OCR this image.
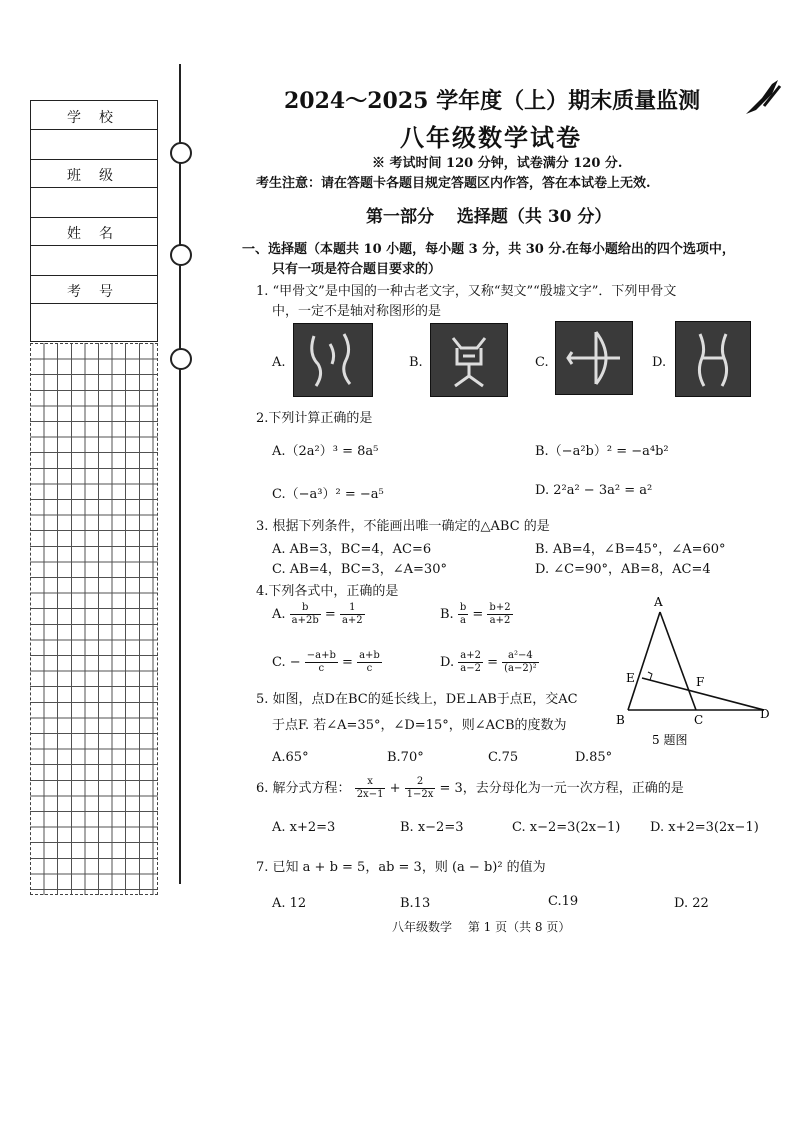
学　校
班　级
姓　名
考　号
2024～2025 学年度（上）期末质量监测
八年级数学试卷
※ 考试时间 120 分钟，试卷满分 120 分.
考生注意：请在答题卡各题目规定答题区内作答，答在本试卷上无效.
第一部分　 选择题（共 30 分）
一、选择题（本题共 10 小题，每小题 3 分，共 30 分.在每小题给出的四个选项中，
只有一项是符合题目要求的）
1. “甲骨文”是中国的一种古老文字，又称“契文”“殷墟文字”．下列甲骨文
中，一定不是轴对称图形的是
A.	B.	C.	D.
2.下列计算正确的是
A.（2a²）³ = 8a⁵	B.（−a²b）² = −a⁴b²
C.（−a³）² = −a⁵	D. 2²a² − 3a² = a²
3. 根据下列条件，不能画出唯一确定的△ABC 的是
A. AB=3，BC=4，AC=6	B. AB=4，∠B=45°，∠A=60°
C. AB=4，BC=3，∠A=30°	D. ∠C=90°，AB=8，AC=4
4.下列各式中，正确的是
A. $\frac{b}{a+2b} = \frac{1}{a+2}$	B. $\frac{b}{a} = \frac{b+2}{a+2}$
C. − $\frac{-a+b}{c} = \frac{a+b}{c}$	D. $\frac{a+2}{a-2} = \frac{\text{a²−4}}{\text{(a−2)²}}$
A
B	C	D
E	F
5 题图
5. 如图，点D在BC的延长线上，DE⊥AB于点E，交AC
于点F. 若∠A=35°，∠D=15°，则∠ACB的度数为
A.65°	B.70°	C.75	D.85°
6. 解分式方程： $\frac{x}{2x-1} + \frac{2}{1-2x} = 3$，去分母化为一元一次方程，正确的是
A. x+2=3	B. x−2=3	C. x−2=3(2x−1) D. x+2=3(2x−1)
7. 已知 a + b = 5，ab = 3，则 (a − b)² 的值为
A. 12	B.13	C.19	D. 22
八年级数学　 第 1 页（共 8 页）
